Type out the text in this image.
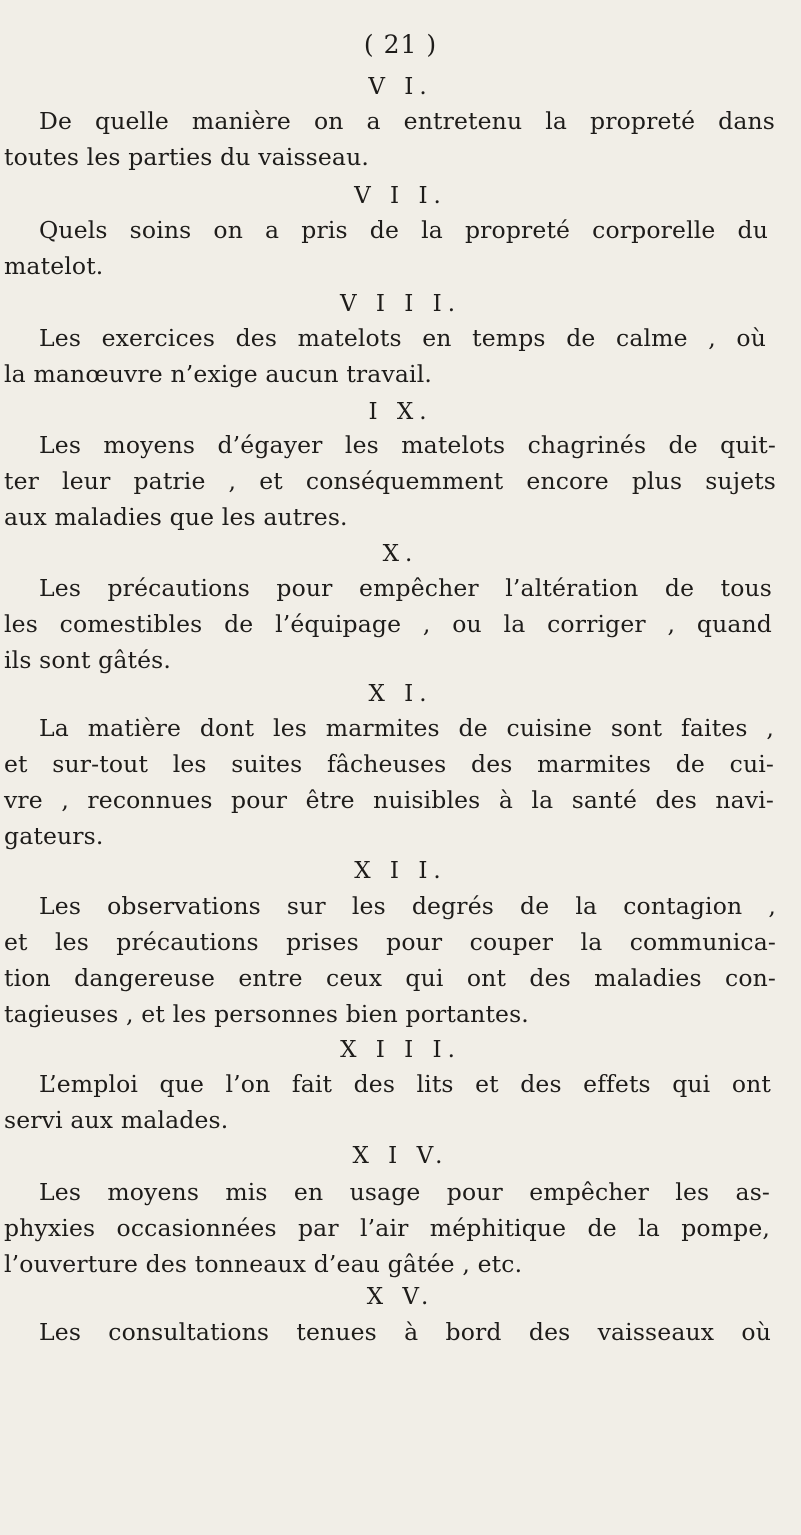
( 21 )
V I.
De quelle manière on a entretenu la propreté dans
toutes les parties du vaisseau.
V I I.
Quels soins on a pris de la propreté corporelle du
matelot.
V I I I.
Les exercices des matelots en temps de calme , où
la manœuvre n’exige aucun travail.
I X.
Les moyens d’égayer les matelots chagrinés de quit-
ter leur patrie , et conséquemment encore plus sujets
aux maladies que les autres.
X.
Les précautions pour empêcher l’altération de tous
les comestibles de l’équipage , ou la corriger , quand
ils sont gâtés.
X I.
La matière dont les marmites de cuisine sont faites ,
et sur-tout les suites fâcheuses des marmites de cui-
vre , reconnues pour être nuisibles à la santé des navi-
gateurs.
X I I.
Les observations sur les degrés de la contagion ,
et les précautions prises pour couper la communica-
tion dangereuse entre ceux qui ont des maladies con-
tagieuses , et les personnes bien portantes.
X I I I.
L’emploi que l’on fait des lits et des effets qui ont
servi aux malades.
X I V.
Les moyens mis en usage pour empêcher les as-
phyxies occasionnées par l’air méphitique de la pompe,
l’ouverture des tonneaux d’eau gâtée , etc.
X V.
Les consultations tenues à bord des vaisseaux où
